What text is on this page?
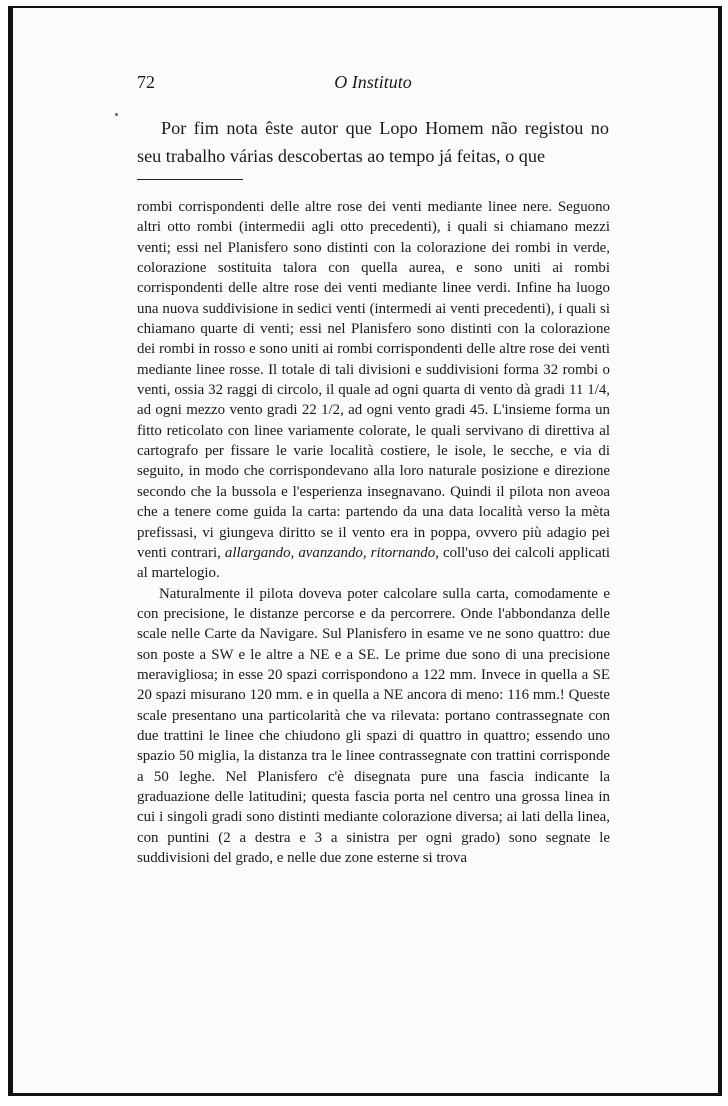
72	O Instituto
Por fim nota êste autor que Lopo Homem não registou no seu trabalho várias descobertas ao tempo já feitas, o que

rombi corrispondenti delle altre rose dei venti mediante linee nere. Seguono altri otto rombi (intermedii agli otto precedenti), i quali si chiamano mezzi venti; essi nel Planisfero sono distinti con la colorazione dei rombi in verde, colorazione sostituita talora con quella aurea, e sono uniti ai rombi corrispondenti delle altre rose dei venti mediante linee verdi. Infine ha luogo una nuova suddivisione in sedici venti (intermedi ai venti precedenti), i quali si chiamano quarte di venti; essi nel Planisfero sono distinti con la colorazione dei rombi in rosso e sono uniti ai rombi corrispondenti delle altre rose dei venti mediante linee rosse. Il totale di tali divisioni e suddivisioni forma 32 rombi o venti, ossia 32 raggi di circolo, il quale ad ogni quarta di vento dà gradi 11 1/4, ad ogni mezzo vento gradi 22 1/2, ad ogni vento gradi 45. L'insieme forma un fitto reticolato con linee variamente colorate, le quali servivano di direttiva al cartografo per fissare le varie località costiere, le isole, le secche, e via di seguito, in modo che corrispondevano alla loro naturale posizione e direzione secondo che la bussola e l'esperienza insegnavano. Quindi il pilota non aveoa che a tenere come guida la carta: partendo da una data località verso la mèta prefissasi, vi giungeva diritto se il vento era in poppa, ovvero più adagio pei venti contrari, allargando, avanzando, ritornando, coll'uso dei calcoli applicati al martelogio.

Naturalmente il pilota doveva poter calcolare sulla carta, comodamente e con precisione, le distanze percorse e da percorrere. Onde l'abbondanza delle scale nelle Carte da Navigare. Sul Planisfero in esame ve ne sono quattro: due son poste a SW e le altre a NE e a SE. Le prime due sono di una precisione meravigliosa; in esse 20 spazi corrispondono a 122 mm. Invece in quella a SE 20 spazi misurano 120 mm. e in quella a NE ancora di meno: 116 mm.! Queste scale presentano una particolarità che va rilevata: portano contrassegnate con due trattini le linee che chiudono gli spazi di quattro in quattro; essendo uno spazio 50 miglia, la distanza tra le linee contrassegnate con trattini corrisponde a 50 leghe. Nel Planisfero c'è disegnata pure una fascia indicante la graduazione delle latitudini; questa fascia porta nel centro una grossa linea in cui i singoli gradi sono distinti mediante colorazione diversa; ai lati della linea, con puntini (2 a destra e 3 a sinistra per ogni grado) sono segnate le suddivisioni del grado, e nelle due zone esterne si trova
